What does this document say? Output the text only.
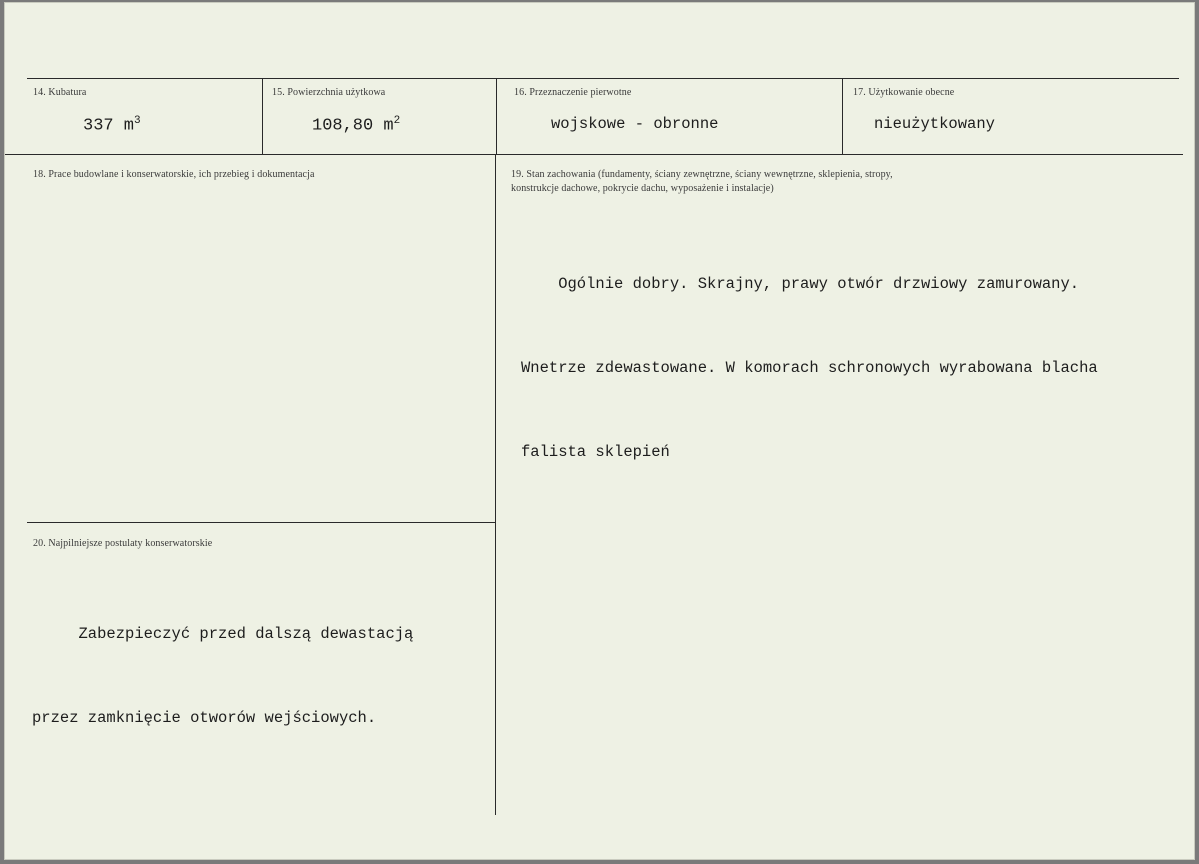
14. Kubatura
337 $m^3$
15. Powierzchnia użytkowa
108,80 $m^2$
16. Przeznaczenie pierwotne
wojskowe - obronne
17. Użytkowanie obecne
nieużytkowany
18. Prace budowlane i konserwatorskie, ich przebieg i dokumentacja	19. Stan zachowania (fundamenty, ściany zewnętrzne, ściany wewnętrzne, sklepienia, stropy,
konstrukcje dachowe, pokrycie dachu, wyposażenie i instalacje)

Ogólnie dobry. Skrajny, prawy otwór drzwiowy zamurowany.

Wnetrze zdewastowane. W komorach schronowych wyrabowana blacha

falista sklepień

20. Najpilniejsze postulaty konserwatorskie

Zabezpieczyć przed dalszą dewastacją

przez zamknięcie otworów wejściowych.
